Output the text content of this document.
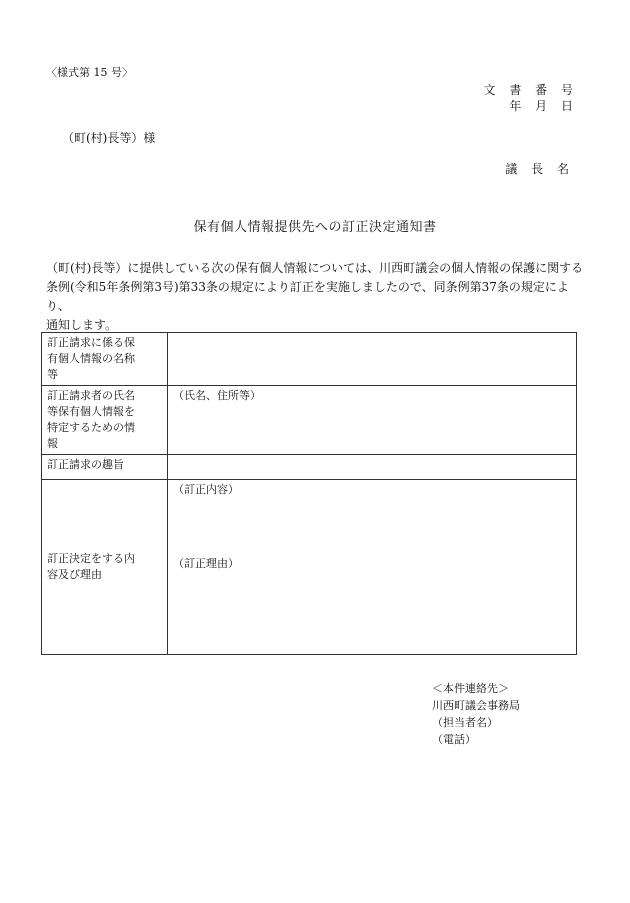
〈様式第 15 号〉
文 書 番 号
年 月 日
（町(村)長等）様
議 長 名
保有個人情報提供先への訂正決定通知書

（町(村)長等）に提供している次の保有個人情報については、川西町議会の個人情報の保護に関する

条例(令和5年条例第3号)第33条の規定により訂正を実施しましたので、同条例第37条の規定により、

通知します。

訂正請求に係る保
有個人情報の名称
等	

訂正請求者の氏名
等保有個人情報を
特定するための情
報	（氏名、住所等）
訂正請求の趣旨	

訂正決定をする内
容及び理由	（訂正内容）
（訂正理由）
＜本件連絡先＞
川西町議会事務局
（担当者名）
（電話）
